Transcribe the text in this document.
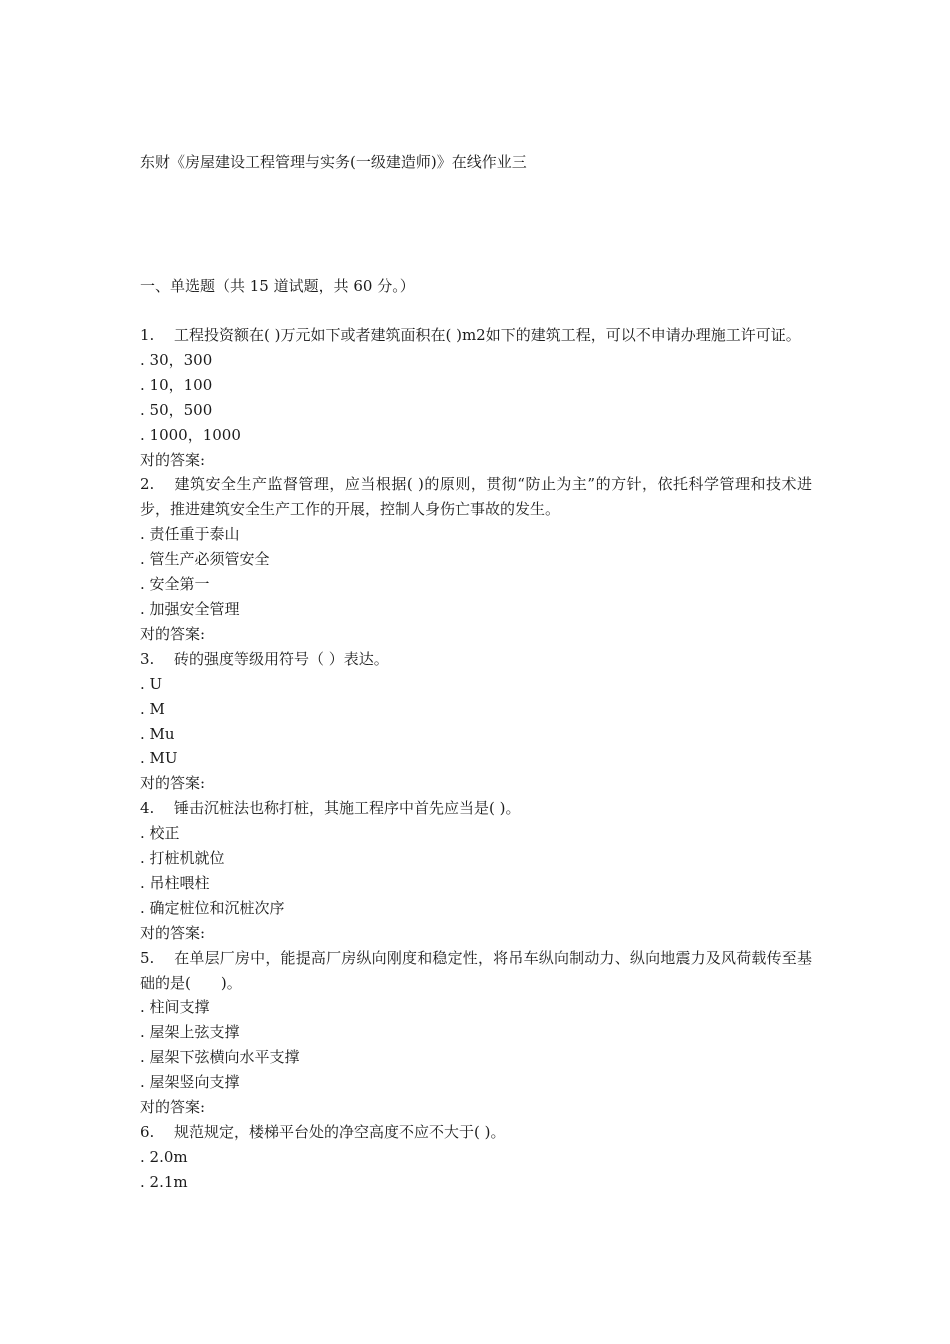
东财《房屋建设工程管理与实务(一级建造师)》在线作业三
一、单选题（共 15 道试题，共 60 分。）

1. 工程投资额在( )万元如下或者建筑面积在( )m2如下的建筑工程，可以不申请办理施工许可证。

. 30，300

. 10，100

. 50，500

. 1000，1000

对的答案:

2. 建筑安全生产监督管理，应当根据( )的原则，贯彻“防止为主”的方针，依托科学管理和技术进步，推进建筑安全生产工作的开展，控制人身伤亡事故的发生。

. 责任重于泰山

. 管生产必须管安全

. 安全第一

. 加强安全管理

对的答案:

3. 砖的强度等级用符号（ ）表达。

. U

. M

. Mu

. MU

对的答案:

4. 锤击沉桩法也称打桩，其施工程序中首先应当是( )。

. 校正

. 打桩机就位

. 吊柱喂柱

. 确定桩位和沉桩次序

对的答案:

5. 在单层厂房中，能提高厂房纵向刚度和稳定性，将吊车纵向制动力、纵向地震力及风荷载传至基础的是(　　)。

. 柱间支撑

. 屋架上弦支撑

. 屋架下弦横向水平支撑

. 屋架竖向支撑

对的答案:

6. 规范规定，楼梯平台处的净空高度不应不大于( )。

. 2.0m

. 2.1m
